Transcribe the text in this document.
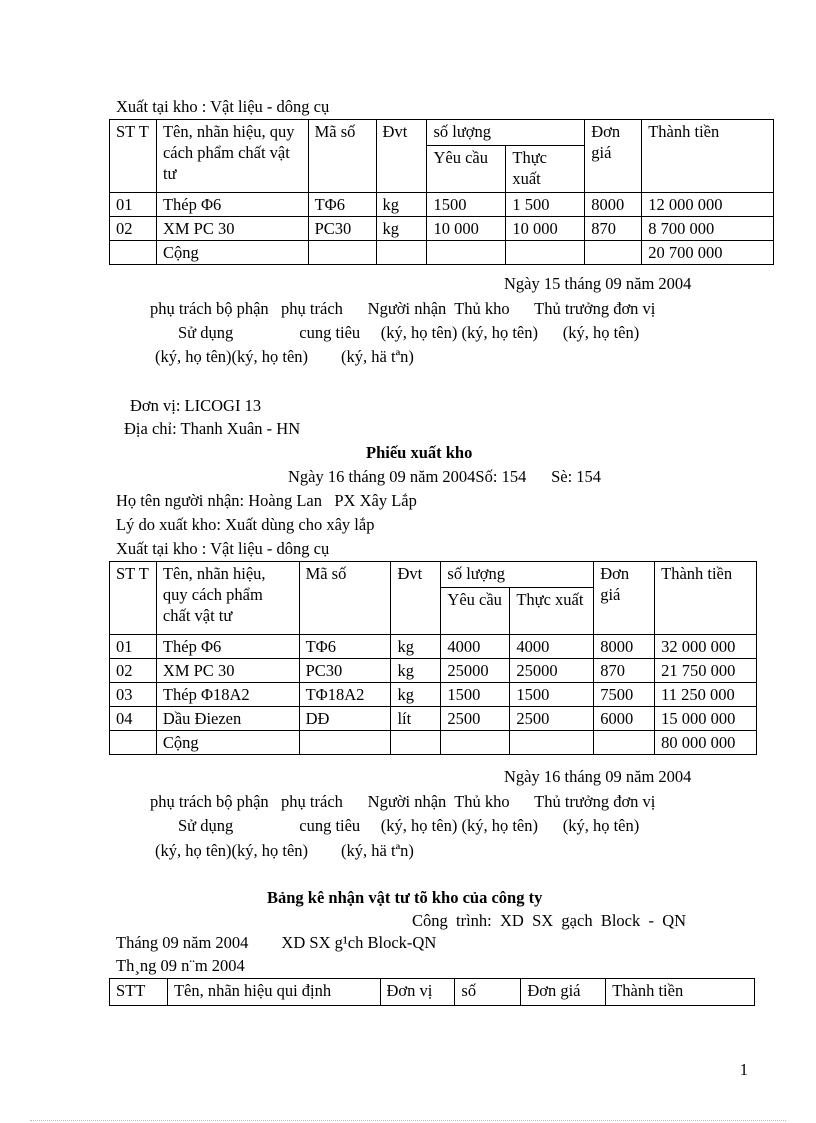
Xuất tại kho : Vật liệu - dông cụ
ST T	Tên, nhãn hiệu, quy cách phẩm chất vật tư	Mã số	Đvt	số lượng		Đơn giá	Thành tiền
				Yêu cầu	Thực xuất		
01	Thép Φ6	TΦ6	kg	1500	1 500	8000	12 000 000
02	XM PC 30	PC30	kg	10 000	10 000	870	8 700 000
	Cộng						20 700 000
Ngày 15 tháng 09 năm 2004
phụ trách bộ phận   phụ trách      Người nhận  Thủ kho      Thủ trưởng đơn vị
Sử dụng                cung tiêu     (ký, họ tên) (ký, họ tên)      (ký, họ tên)
(ký, họ tên)(ký, họ tên)        (ký, hä tªn)
Đơn vị: LICOGI 13
Địa chỉ: Thanh Xuân - HN
Phiếu xuất kho
Ngày 16 tháng 09 năm 2004Số: 154      Sè: 154
Họ tên người nhận: Hoàng Lan   PX Xây Lắp
Lý do xuất kho: Xuất dùng cho xây lắp
Xuất tại kho : Vật liệu - dông cụ
ST T	Tên, nhãn hiệu, quy cách phẩm chất vật tư	Mã số	Đvt	số lượng		Đơn giá	Thành tiền
				Yêu cầu	Thực xuất		
01	Thép Φ6	TΦ6	kg	4000	4000	8000	32 000 000
02	XM PC 30	PC30	kg	25000	25000	870	21 750 000
03	Thép Φ18A2	TΦ18A2	kg	1500	1500	7500	11 250 000
04	Dầu Điezen	DĐ	lít	2500	2500	6000	15 000 000
	Cộng						80 000 000
Ngày 16 tháng 09 năm 2004
phụ trách bộ phận   phụ trách      Người nhận  Thủ kho      Thủ trưởng đơn vị
Sử dụng                cung tiêu     (ký, họ tên) (ký, họ tên)      (ký, họ tên)
(ký, họ tên)(ký, họ tên)        (ký, hä tªn)
Bảng kê nhận vật tư tõ kho của công ty
Công  trình:  XD  SX  gạch  Block  -  QN
Tháng 09 năm 2004        XD SX g¹ch Block-QN
Th¸ng 09 n¨m 2004
STT	Tên, nhãn hiệu qui định	Đơn vị	số	Đơn giá	Thành tiền
1
